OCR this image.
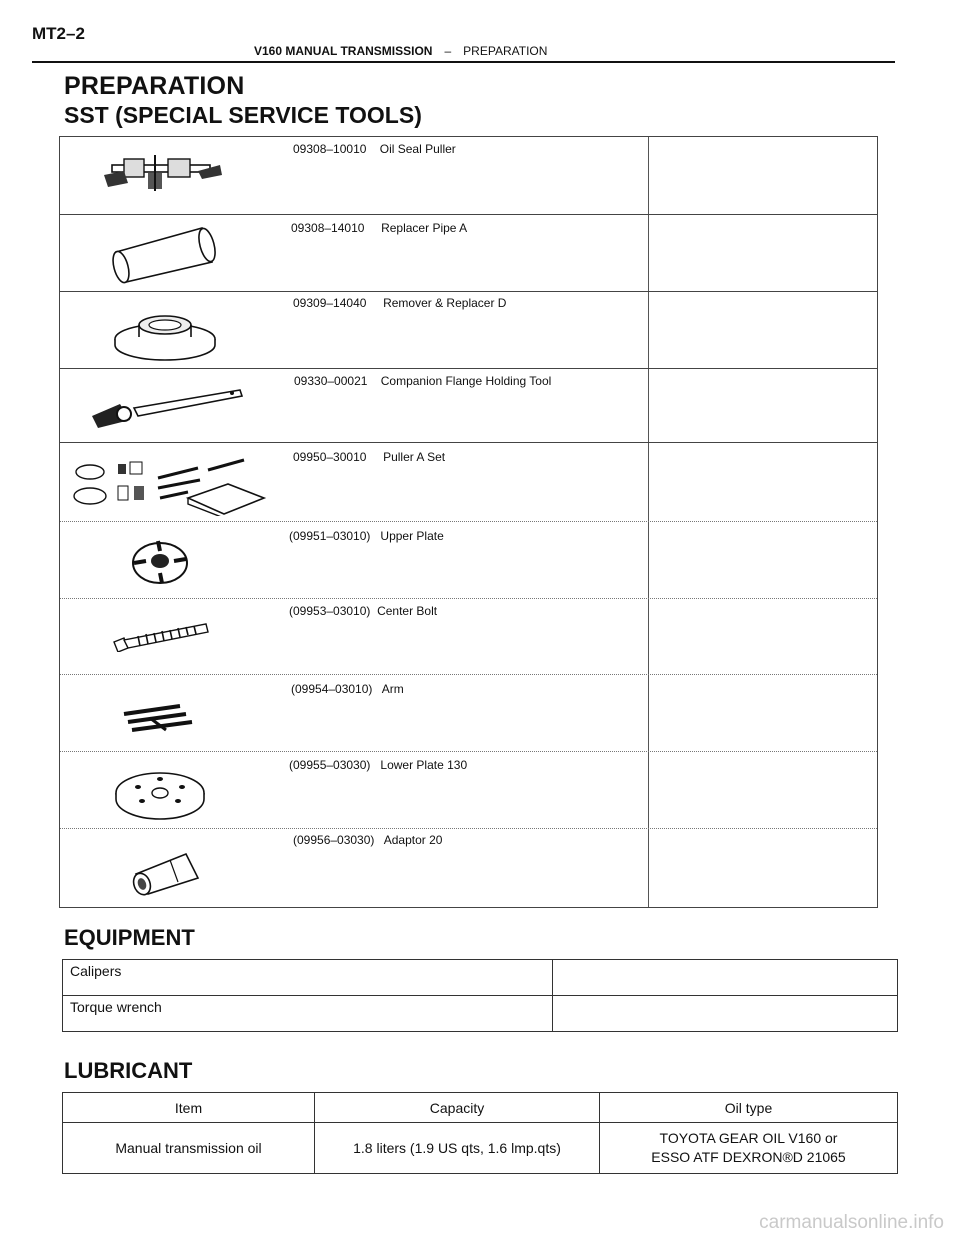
MT2–2
V160 MANUAL TRANSMISSION – PREPARATION
PREPARATION
SST (SPECIAL SERVICE TOOLS)
09308–10010    Oil Seal Puller
09308–14010     Replacer Pipe A
09309–14040     Remover & Replacer D
09330–00021    Companion Flange Holding Tool
09950–30010     Puller A Set
(09951–03010)   Upper Plate
(09953–03010)  Center Bolt
(09954–03010)   Arm
(09955–03030)   Lower Plate 130
(09956–03030)   Adaptor 20
EQUIPMENT
Calipers	
Torque wrench	
LUBRICANT
Item	Capacity	Oil type
Manual transmission oil	1.8 liters (1.9 US qts, 1.6 lmp.qts)	TOYOTA GEAR OIL V160 or
ESSO ATF DEXRON®D 21065
carmanualsonline.info
